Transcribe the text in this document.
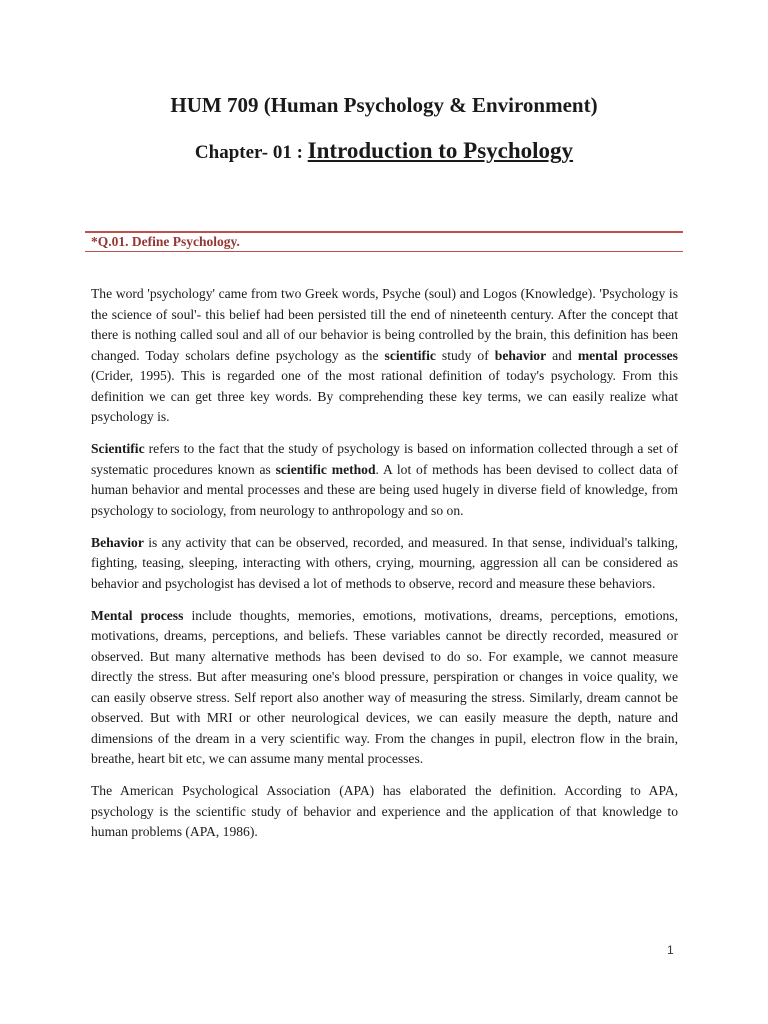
HUM 709 (Human Psychology & Environment)
Chapter- 01 : Introduction to Psychology
*Q.01. Define Psychology.

The word 'psychology' came from two Greek words, Psyche (soul) and Logos (Knowledge). 'Psychology is the science of soul'- this belief had been persisted till the end of nineteenth century. After the concept that there is nothing called soul and all of our behavior is being controlled by the brain, this definition has been changed. Today scholars define psychology as the scientific study of behavior and mental processes (Crider, 1995). This is regarded one of the most rational definition of today's psychology. From this definition we can get three key words. By comprehending these key terms, we can easily realize what psychology is.

Scientific refers to the fact that the study of psychology is based on information collected through a set of systematic procedures known as scientific method. A lot of methods has been devised to collect data of human behavior and mental processes and these are being used hugely in diverse field of knowledge, from psychology to sociology, from neurology to anthropology and so on.

Behavior is any activity that can be observed, recorded, and measured. In that sense, individual's talking, fighting, teasing, sleeping, interacting with others, crying, mourning, aggression all can be considered as behavior and psychologist has devised a lot of methods to observe, record and measure these behaviors.

Mental process include thoughts, memories, emotions, motivations, dreams, perceptions, emotions, motivations, dreams, perceptions, and beliefs. These variables cannot be directly recorded, measured or observed. But many alternative methods has been devised to do so. For example, we cannot measure directly the stress. But after measuring one's blood pressure, perspiration or changes in voice quality, we can easily observe stress. Self report also another way of measuring the stress. Similarly, dream cannot be observed. But with MRI or other neurological devices, we can easily measure the depth, nature and dimensions of the dream in a very scientific way. From the changes in pupil, electron flow in the brain, breathe, heart bit etc, we can assume many mental processes.

The American Psychological Association (APA) has elaborated the definition. According to APA, psychology is the scientific study of behavior and experience and the application of that knowledge to human problems (APA, 1986).

1
